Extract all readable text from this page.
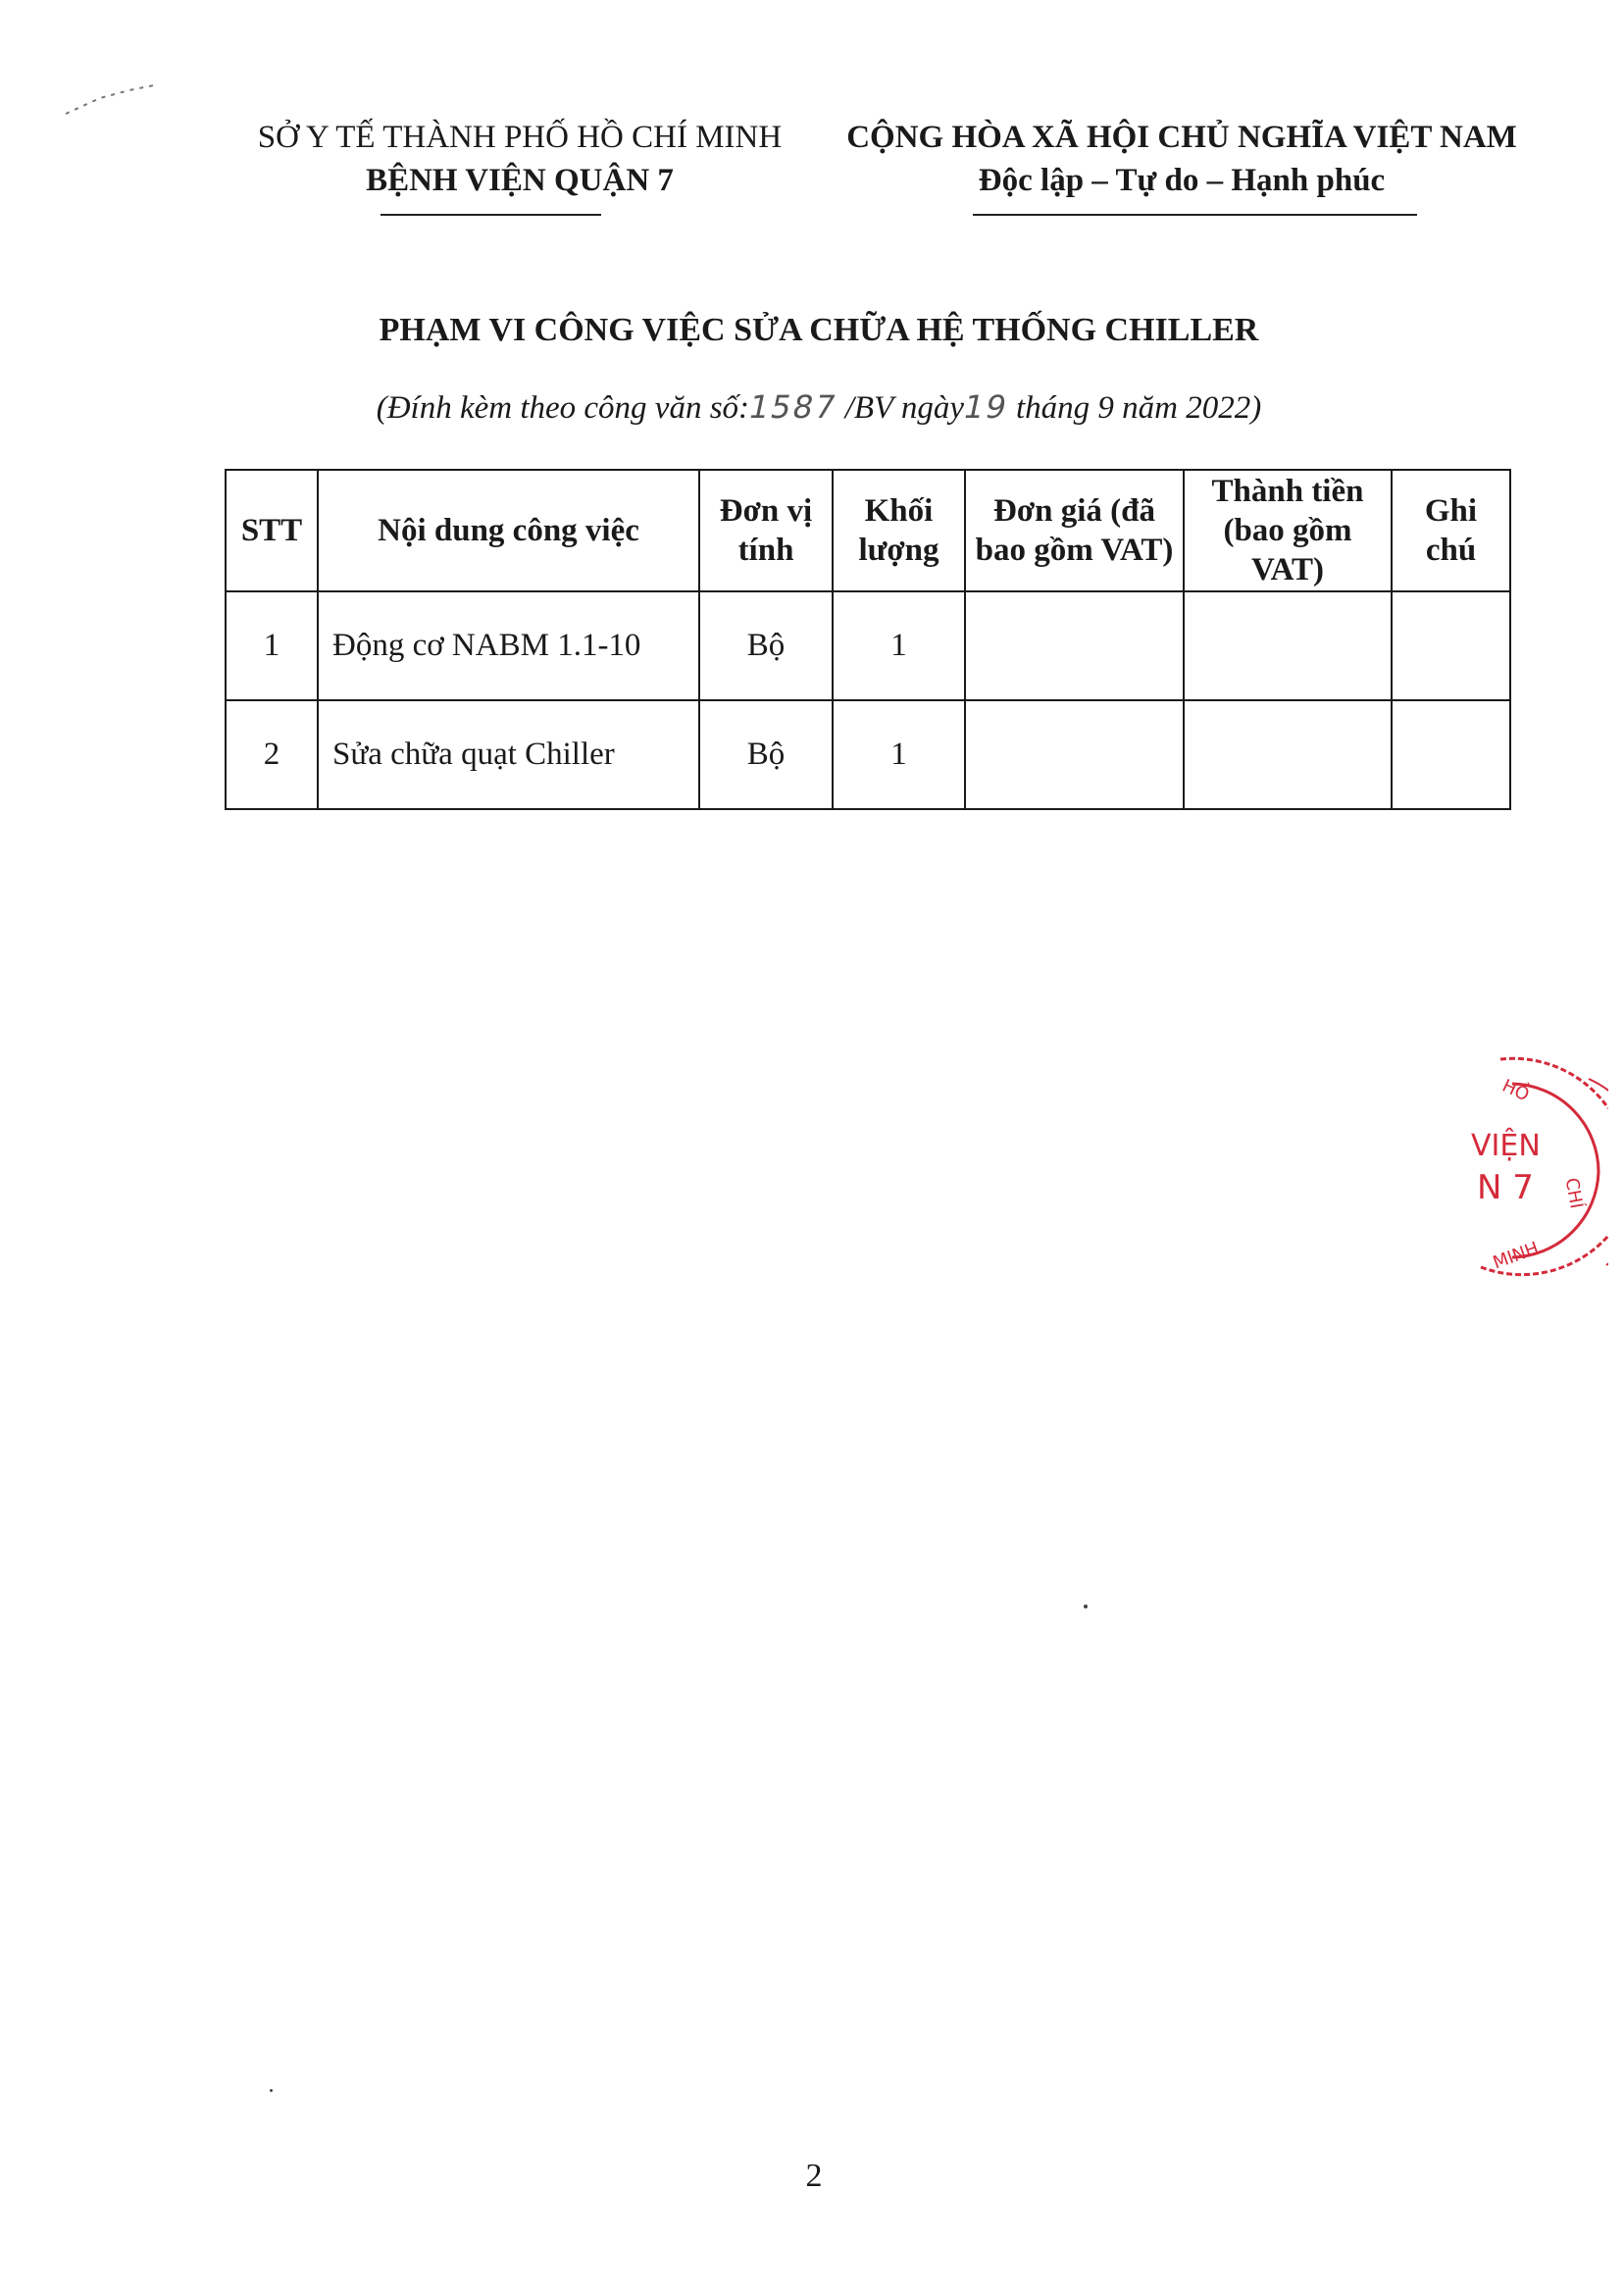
SỞ Y TẾ THÀNH PHỐ HỒ CHÍ MINH
BỆNH VIỆN QUẬN 7
CỘNG HÒA XÃ HỘI CHỦ NGHĨA VIỆT NAM
Độc lập – Tự do – Hạnh phúc
PHẠM VI CÔNG VIỆC SỬA CHỮA HỆ THỐNG CHILLER
(Đính kèm theo công văn số:1587 /BV ngày19 tháng 9 năm 2022)
STT	Nội dung công việc	Đơn vị tính	Khối lượng	Đơn giá (đã bao gồm VAT)	Thành tiền (bao gồm VAT)	Ghi chú
1	Động cơ NABM 1.1-10	Bộ	1			
2	Sửa chữa quạt Chiller	Bộ	1			
HỒ
VIỆN
N 7 CHÍ
MINH
2
